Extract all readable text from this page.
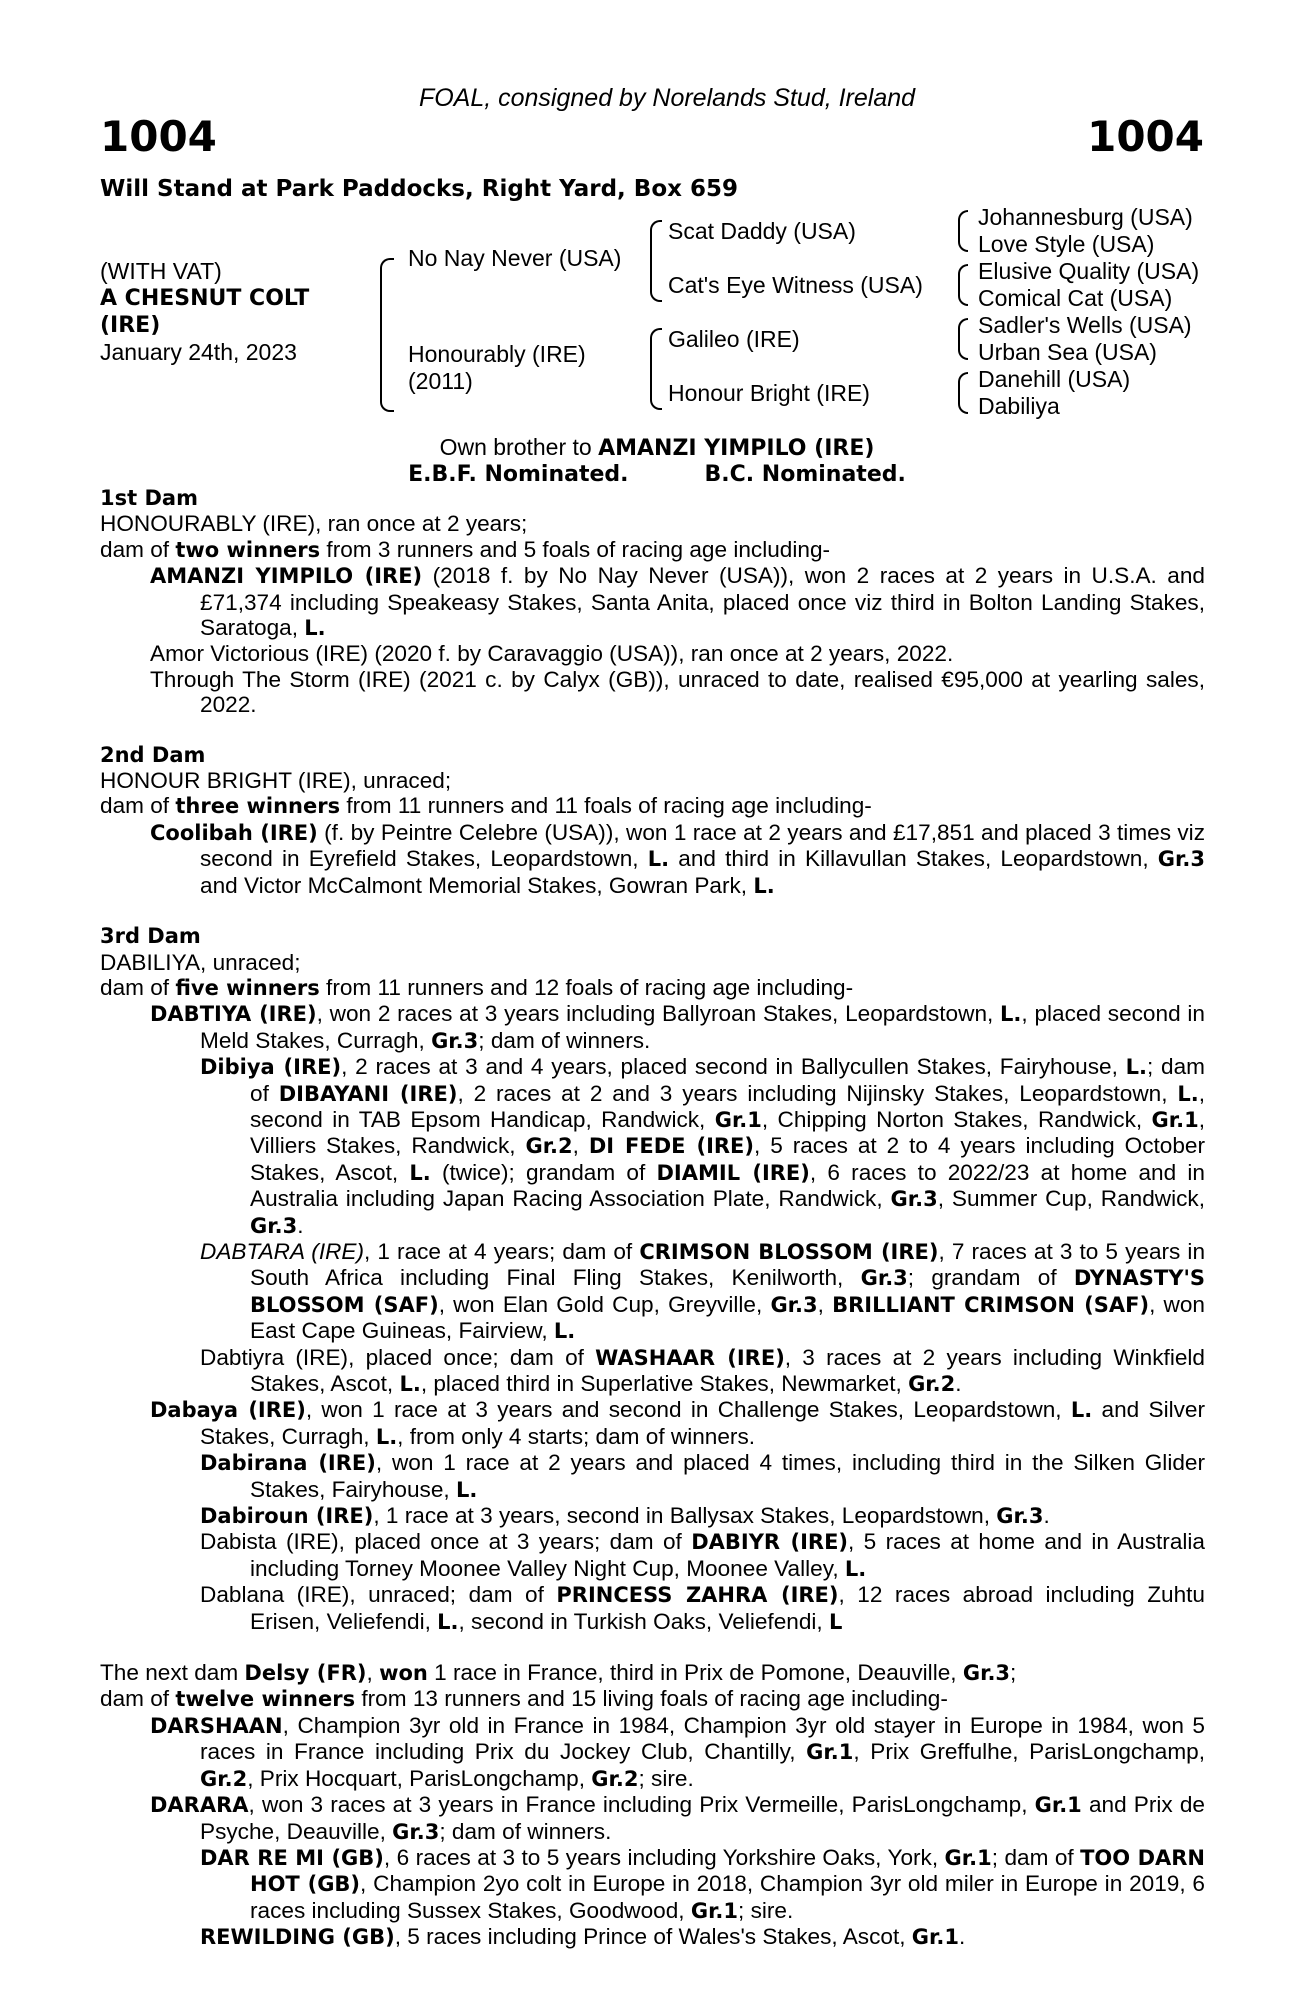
FOAL, consigned by Norelands Stud, Ireland
1004	1004
Will Stand at Park Paddocks, Right Yard, Box 659
(WITH VAT)
A CHESNUT COLT
(IRE)
January 24th, 2023
No Nay Never (USA)
Honourably (IRE)
(2011)
Scat Daddy (USA)
Cat's Eye Witness (USA)
Galileo (IRE)
Honour Bright (IRE)
Johannesburg (USA)
Love Style (USA)
Elusive Quality (USA)
Comical Cat (USA)
Sadler's Wells (USA)
Urban Sea (USA)
Danehill (USA)
Dabiliya
Own brother to AMANZI YIMPILO (IRE)
E.B.F. Nominated.	B.C. Nominated.
1st Dam

HONOURABLY (IRE), ran once at 2 years;

dam of two winners from 3 runners and 5 foals of racing age including-

AMANZI YIMPILO (IRE) (2018 f. by No Nay Never (USA)), won 2 races at 2 years in U.S.A. and £71,374 including Speakeasy Stakes, Santa Anita, placed once viz third in Bolton Landing Stakes, Saratoga, L.

Amor Victorious (IRE) (2020 f. by Caravaggio (USA)), ran once at 2 years, 2022.

Through The Storm (IRE) (2021 c. by Calyx (GB)), unraced to date, realised €95,000 at yearling sales, 2022.

2nd Dam

HONOUR BRIGHT (IRE), unraced;

dam of three winners from 11 runners and 11 foals of racing age including-

Coolibah (IRE) (f. by Peintre Celebre (USA)), won 1 race at 2 years and £17,851 and placed 3 times viz second in Eyrefield Stakes, Leopardstown, L. and third in Killavullan Stakes, Leopardstown, Gr.3 and Victor McCalmont Memorial Stakes, Gowran Park, L.

3rd Dam

DABILIYA, unraced;

dam of five winners from 11 runners and 12 foals of racing age including-

DABTIYA (IRE), won 2 races at 3 years including Ballyroan Stakes, Leopardstown, L., placed second in Meld Stakes, Curragh, Gr.3; dam of winners.

Dibiya (IRE), 2 races at 3 and 4 years, placed second in Ballycullen Stakes, Fairyhouse, L.; dam of DIBAYANI (IRE), 2 races at 2 and 3 years including Nijinsky Stakes, Leopardstown, L., second in TAB Epsom Handicap, Randwick, Gr.1, Chipping Norton Stakes, Randwick, Gr.1, Villiers Stakes, Randwick, Gr.2, DI FEDE (IRE), 5 races at 2 to 4 years including October Stakes, Ascot, L. (twice); grandam of DIAMIL (IRE), 6 races to 2022/23 at home and in Australia including Japan Racing Association Plate, Randwick, Gr.3, Summer Cup, Randwick, Gr.3.

DABTARA (IRE), 1 race at 4 years; dam of CRIMSON BLOSSOM (IRE), 7 races at 3 to 5 years in South Africa including Final Fling Stakes, Kenilworth, Gr.3; grandam of DYNASTY'S BLOSSOM (SAF), won Elan Gold Cup, Greyville, Gr.3, BRILLIANT CRIMSON (SAF), won East Cape Guineas, Fairview, L.

Dabtiyra (IRE), placed once; dam of WASHAAR (IRE), 3 races at 2 years including Winkfield Stakes, Ascot, L., placed third in Superlative Stakes, Newmarket, Gr.2.

Dabaya (IRE), won 1 race at 3 years and second in Challenge Stakes, Leopardstown, L. and Silver Stakes, Curragh, L., from only 4 starts; dam of winners.

Dabirana (IRE), won 1 race at 2 years and placed 4 times, including third in the Silken Glider Stakes, Fairyhouse, L.

Dabiroun (IRE), 1 race at 3 years, second in Ballysax Stakes, Leopardstown, Gr.3.

Dabista (IRE), placed once at 3 years; dam of DABIYR (IRE), 5 races at home and in Australia including Torney Moonee Valley Night Cup, Moonee Valley, L.

Dablana (IRE), unraced; dam of PRINCESS ZAHRA (IRE), 12 races abroad including Zuhtu Erisen, Veliefendi, L., second in Turkish Oaks, Veliefendi, L

The next dam Delsy (FR), won 1 race in France, third in Prix de Pomone, Deauville, Gr.3;

dam of twelve winners from 13 runners and 15 living foals of racing age including-

DARSHAAN, Champion 3yr old in France in 1984, Champion 3yr old stayer in Europe in 1984, won 5 races in France including Prix du Jockey Club, Chantilly, Gr.1, Prix Greffulhe, ParisLongchamp, Gr.2, Prix Hocquart, ParisLongchamp, Gr.2; sire.

DARARA, won 3 races at 3 years in France including Prix Vermeille, ParisLongchamp, Gr.1 and Prix de Psyche, Deauville, Gr.3; dam of winners.

DAR RE MI (GB), 6 races at 3 to 5 years including Yorkshire Oaks, York, Gr.1; dam of TOO DARN HOT (GB), Champion 2yo colt in Europe in 2018, Champion 3yr old miler in Europe in 2019, 6 races including Sussex Stakes, Goodwood, Gr.1; sire.

REWILDING (GB), 5 races including Prince of Wales's Stakes, Ascot, Gr.1.
